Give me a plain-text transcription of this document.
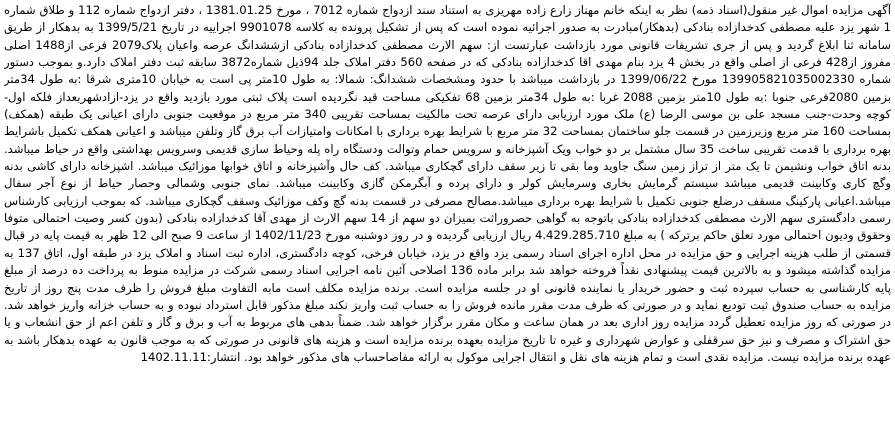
آگهی مزایده اموال غیر منقول(اسناد ذمه) نظر به اینکه خانم مهناز زارع زاده مهریزی به استناد سند ازدواج شماره 7012 ، مورخ 1381.01.25 ، دفتر ازدواج شماره 112 و طلاق شماره 1 شهر یزد علیه مصطفی کدخدازاده بنادکی (بدهکار)مبادرت به صدور اجرائیه نموده است که پس از تشکیل پرونده به کلاسه 9901078 اجراییه در تاریخ 1399/5/21 به بدهکار از طریق سامانه ثنا ابلاغ گردید و پس از جری تشریفات قانونی مورد بازداشت عبارتست از: سهم الارث مصطفی کدخدازاده بنادکی ازششدانگ عرصه واعیان پلاک2079 فرعی از1488 اصلی مفروز از428 فرعی از اصلی واقع در بخش 4 یزد بنام مهدی اقا کدخدازاده بنادکی که در صفحه 560 دفتر املاک جلد 94ذیل شماره3872 سابقه ثبت دفتر املاک دارد.و بموجب دستور شماره 139905821035002330 مورخ 1399/06/22 در بازداشت میباشد با حدود ومشخصات ششدانگ: شمالا: به طول 10متر پی است به خیابان 10متری شرقا :به طول 34متر بزمین 2080فرعی جنوبا :به طول 10متر بزمین 2088 غربا :به طول 34متر بزمین 68 تفکیکی مساحت قید نگردیده است پلاک ثبتی مورد بازدید واقع در یزد-ازادشهربعداز فلکه اول- کوچه وحدت-جنب مسجد علی بن موسی الرضا (ع) ملک مورد ارزیابی دارای عرصه تحت مالکیت بمساحت تقریبی 340 متر مربع در موقعیت جنوبی دارای اعیانی یک طبقه (همکف) بمساحت 160 متر مربع وزیرزمین در قسمت جلو ساختمان بمساحت 32 متر مربع با شرایط بهره برداری با امکانات وامتیازات آب برق گاز وتلفن میباشد و اعیانی همکف تکمیل باشرایط بهره برداری با قدمت تقریبی ساخت 35 سال مشتمل بر دو خواب ویک آشپزخانه و سرویس حمام وتوالت ودستگاه راه پله وحیاط سازی قدیمی وسرویس بهداشتی واقع در حیاط میباشد. بدنه اتاق خواب ونشیمن تا یک متر از تراز زمین سنگ جاوید وما بقی تا زیر سقف دارای گچکاری میباشد. کف حال وآشپزخانه و اتاق خوابها موزائیک میباشد. اشپزخانه دارای کاشی بدنه وگچ کاری وکابینت قدیمی میباشد سیستم گرمایش بخاری وسرمایش کولر و دارای پرده و آبگرمکن گازی وکابینت میباشد. نمای جنوبی وشمالی وحصار حیاط از نوع آجر سفال میباشد.اعیانی پارکینگ مسقف درضلع جنوبی تکمیل با شرایط بهره برداری میباشد.مصالح مصرفی در قسمت بدنه گچ وکف موزائیک وسقف گچکاری میباشد. که بموجب ارزیابی کارشناس رسمی دادگستری سهم الارث مصطفی کدخدازاده بنادکی باتوجه به گواهی حصروراثت بمیزان دو سهم از 14 سهم الارث از مهدی آقا کدخدازاده بنادکی (بدون کسر وصیت احتمالی متوفا وحقوق ودیون احتمالی مورد تعلق حاکم برترکه ) به مبلغ 4.429.285.710 ریال ارزیابی گردیده و در روز دوشنبه مورخ 1402/11/23 از ساعت 9 صبح الی 12 ظهر به قیمت پایه در قبال قسمتی از طلب هزینه اجرایی و حق مزایده در محل اداره اجرای اسناد رسمی یزد واقع در یزد، خیابان فرخی، کوچه دادگستری، اداره ثبت اسناد و املاک یزد در طبقه اول، اتاق 137 به مزایده گذاشته میشود و به بالاترین قیمت پیشنهادی نقداً فروخته خواهد شد برابر ماده 136 اصلاحی آئین نامه اجرایی اسناد رسمی شرکت در مزایده منوط به پرداخت ده درصد از مبلغ پایه کارشناسی به حساب سپرده ثبت و حضور خریدار یا نماینده قانونی او در جلسه مزایده است. برنده مزایده مکلف است مابه التفاوت مبلغ فروش را ظرف مدت پنج روز از تاریخ مزایده به حساب صندوق ثبت تودیع نماید و در صورتی که ظرف مدت مقرر مانده فروش را به حساب ثبت واریز نکند مبلغ مذکور قابل استرداد نبوده و به حساب خزانه واریز خواهد شد. در صورتی که روز مزایده تعطیل گردد مزایده روز اداری بعد در همان ساعت و مکان مقرر برگزار خواهد شد. ضمناً بدهی های مربوط به آب و برق و گاز و تلفن اعم از حق انشعاب و یا حق اشتراک و مصرف و نیز حق سرقفلی و عوارض شهرداری و غیره تا تاریخ مزایده بعهده برنده مزایده است و هزینه های قانونی در صورتی که به موجب قانون به عهده بدهکار باشد به عهده برنده مزایده نیست. مزایده نقدی است و تمام هزینه های نقل و انتقال اجرایی موکول به ارائه مفاصاحساب های مذکور خواهد بود. انتشار:1402.11.11
